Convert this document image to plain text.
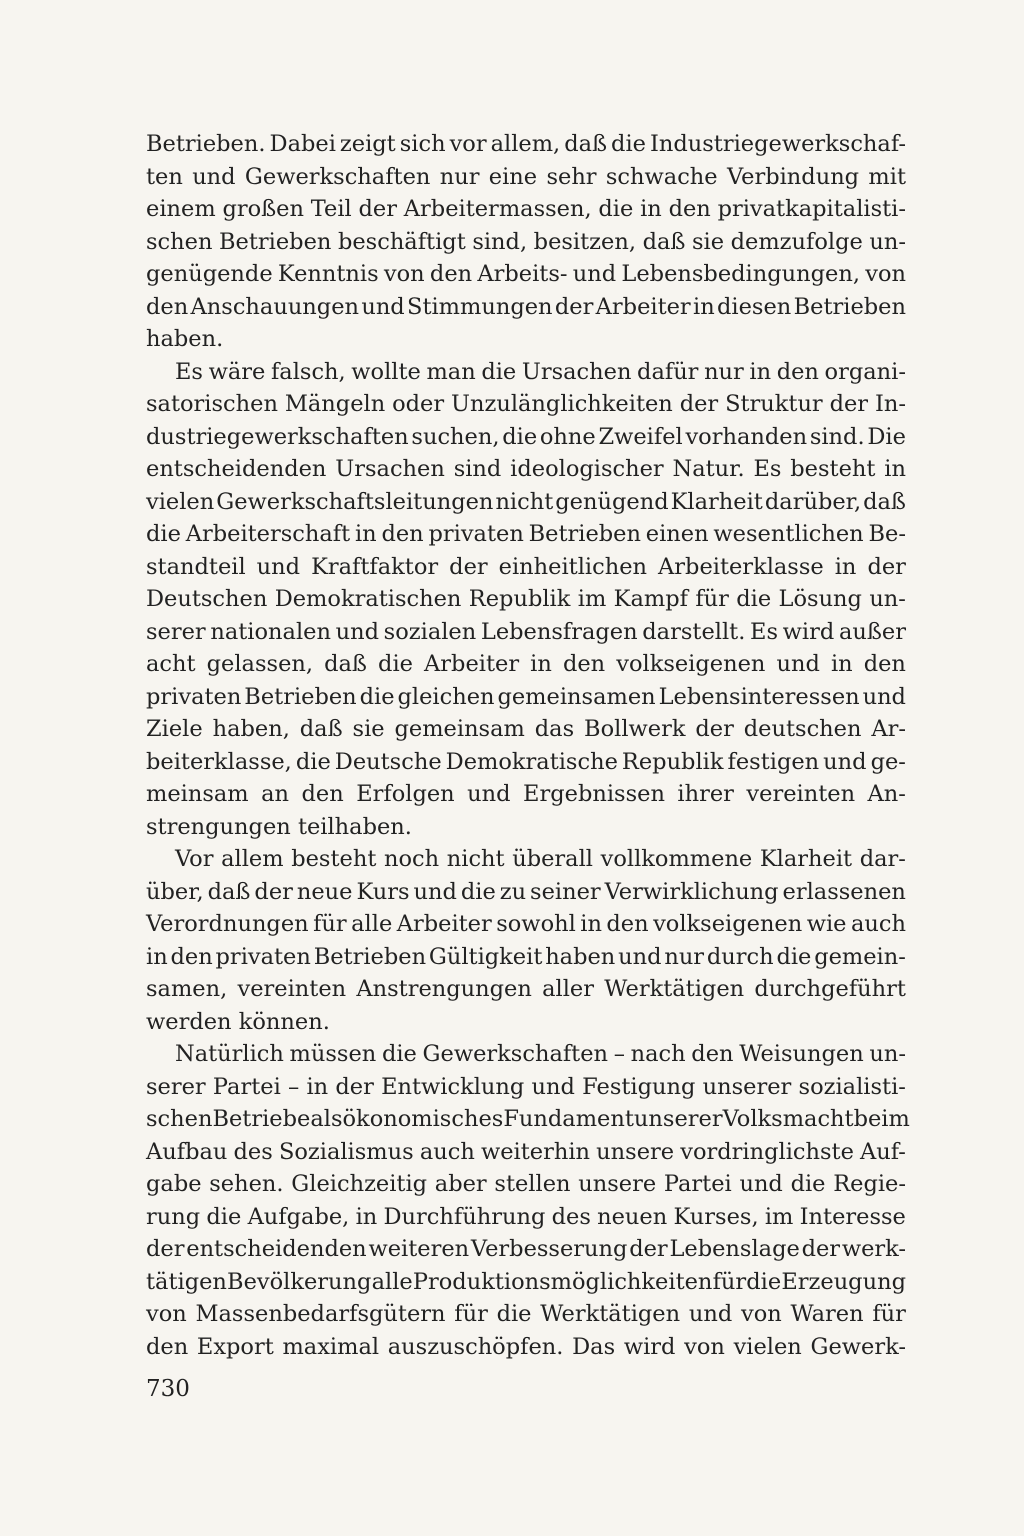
Betrieben. Dabei zeigt sich vor allem, daß die Industriegewerkschaf-
ten und Gewerkschaften nur eine sehr schwache Verbindung mit
einem großen Teil der Arbeitermassen, die in den privatkapitalisti-
schen Betrieben beschäftigt sind, besitzen, daß sie demzufolge un-
genügende Kenntnis von den Arbeits- und Lebensbedingungen, von
den Anschauungen und Stimmungen der Arbeiter in diesen Betrieben
haben.
Es wäre falsch, wollte man die Ursachen dafür nur in den organi-
satorischen Mängeln oder Unzulänglichkeiten der Struktur der In-
dustriegewerkschaften suchen, die ohne Zweifel vorhanden sind. Die
entscheidenden Ursachen sind ideologischer Natur. Es besteht in
vielen Gewerkschaftsleitungen nicht genügend Klarheit darüber, daß
die Arbeiterschaft in den privaten Betrieben einen wesentlichen Be-
standteil und Kraftfaktor der einheitlichen Arbeiterklasse in der
Deutschen Demokratischen Republik im Kampf für die Lösung un-
serer nationalen und sozialen Lebensfragen darstellt. Es wird außer
acht gelassen, daß die Arbeiter in den volkseigenen und in den
privaten Betrieben die gleichen gemeinsamen Lebensinteressen und
Ziele haben, daß sie gemeinsam das Bollwerk der deutschen Ar-
beiterklasse, die Deutsche Demokratische Republik festigen und ge-
meinsam an den Erfolgen und Ergebnissen ihrer vereinten An-
strengungen teilhaben.
Vor allem besteht noch nicht überall vollkommene Klarheit dar-
über, daß der neue Kurs und die zu seiner Verwirklichung erlassenen
Verordnungen für alle Arbeiter sowohl in den volkseigenen wie auch
in den privaten Betrieben Gültigkeit haben und nur durch die gemein-
samen, vereinten Anstrengungen aller Werktätigen durchgeführt
werden können.
Natürlich müssen die Gewerkschaften – nach den Weisungen un-
serer Partei – in der Entwicklung und Festigung unserer sozialisti-
schen Betriebe als ökonomisches Fundament unserer Volksmacht beim
Aufbau des Sozialismus auch weiterhin unsere vordringlichste Auf-
gabe sehen. Gleichzeitig aber stellen unsere Partei und die Regie-
rung die Aufgabe, in Durchführung des neuen Kurses, im Interesse
der entscheidenden weiteren Verbesserung der Lebenslage der werk-
tätigen Bevölkerung alle Produktionsmöglichkeiten für die Erzeugung
von Massenbedarfsgütern für die Werktätigen und von Waren für
den Export maximal auszuschöpfen. Das wird von vielen Gewerk-
730
